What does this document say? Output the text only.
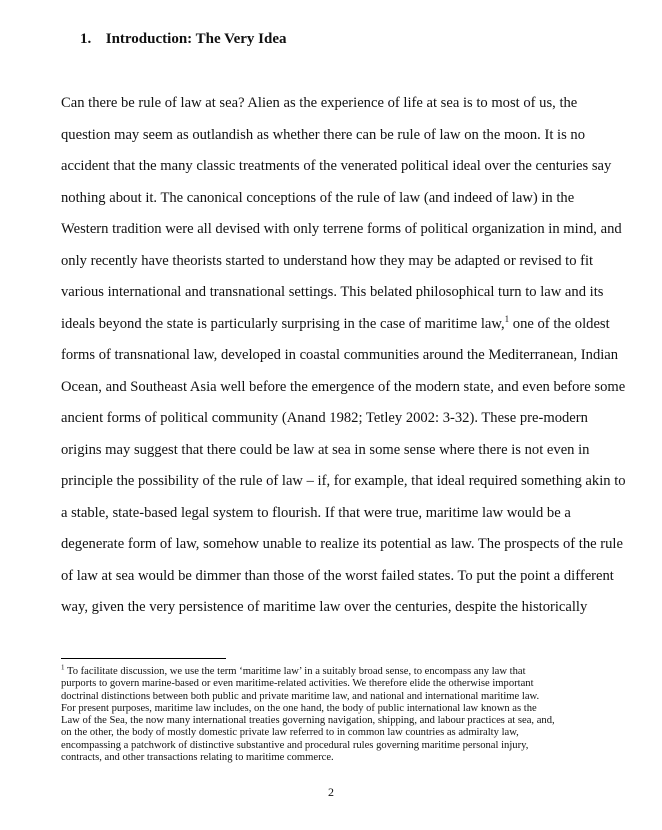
1. Introduction: The Very Idea
Can there be rule of law at sea? Alien as the experience of life at sea is to most of us, the
question may seem as outlandish as whether there can be rule of law on the moon. It is no
accident that the many classic treatments of the venerated political ideal over the centuries say
nothing about it. The canonical conceptions of the rule of law (and indeed of law) in the
Western tradition were all devised with only terrene forms of political organization in mind, and
only recently have theorists started to understand how they may be adapted or revised to fit
various international and transnational settings. This belated philosophical turn to law and its
ideals beyond the state is particularly surprising in the case of maritime law,$^1$ one of the oldest
forms of transnational law, developed in coastal communities around the Mediterranean, Indian
Ocean, and Southeast Asia well before the emergence of the modern state, and even before some
ancient forms of political community (Anand 1982; Tetley 2002: 3-32). These pre-modern
origins may suggest that there could be law at sea in some sense where there is not even in
principle the possibility of the rule of law – if, for example, that ideal required something akin to
a stable, state-based legal system to flourish. If that were true, maritime law would be a
degenerate form of law, somehow unable to realize its potential as law. The prospects of the rule
of law at sea would be dimmer than those of the worst failed states. To put the point a different
way, given the very persistence of maritime law over the centuries, despite the historically
$^1$ To facilitate discussion, we use the term ‘maritime law’ in a suitably broad sense, to encompass any law that
purports to govern marine-based or even maritime-related activities. We therefore elide the otherwise important
doctrinal distinctions between both public and private maritime law, and national and international maritime law.
For present purposes, maritime law includes, on the one hand, the body of public international law known as the
Law of the Sea, the now many international treaties governing navigation, shipping, and labour practices at sea, and,
on the other, the body of mostly domestic private law referred to in common law countries as admiralty law,
encompassing a patchwork of distinctive substantive and procedural rules governing maritime personal injury,
contracts, and other transactions relating to maritime commerce.
2
